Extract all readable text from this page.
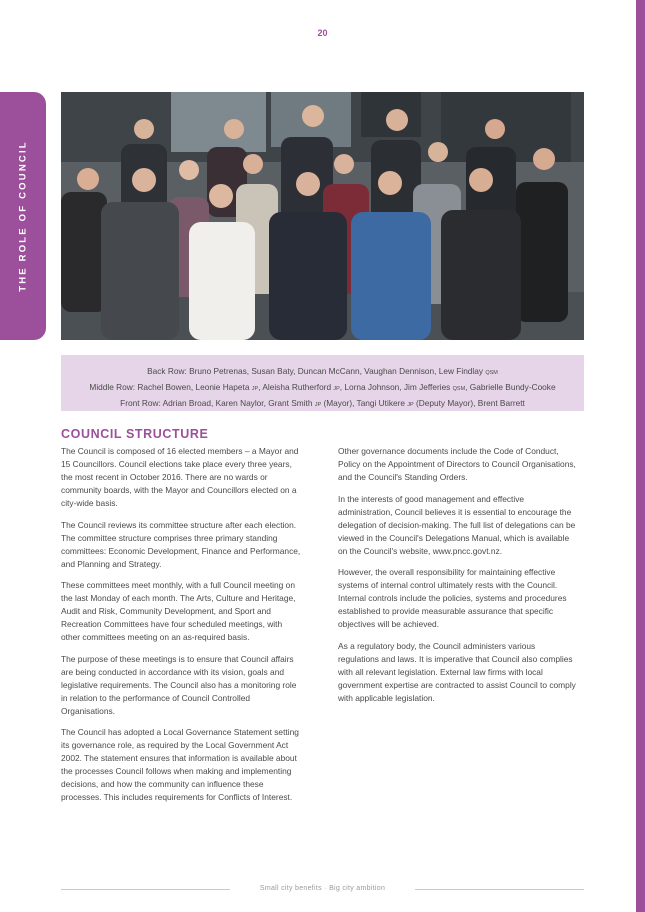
20
THE ROLE OF COUNCIL
Back Row: Bruno Petrenas, Susan Baty, Duncan McCann, Vaughan Dennison, Lew Findlay QSM
Middle Row: Rachel Bowen, Leonie Hapeta JP, Aleisha Rutherford JP, Lorna Johnson, Jim Jefferies QSM, Gabrielle Bundy-Cooke
Front Row: Adrian Broad, Karen Naylor, Grant Smith JP (Mayor), Tangi Utikere JP (Deputy Mayor), Brent Barrett
COUNCIL STRUCTURE

The Council is composed of 16 elected members – a Mayor and 15 Councillors. Council elections take place every three years, the most recent in October 2016. There are no wards or community boards, with the Mayor and Councillors elected on a city-wide basis.

The Council reviews its committee structure after each election. The committee structure comprises three primary standing committees: Economic Development, Finance and Performance, and Planning and Strategy.

These committees meet monthly, with a full Council meeting on the last Monday of each month. The Arts, Culture and Heritage, Audit and Risk, Community Development, and Sport and Recreation Committees have four scheduled meetings, with other committees meeting on an as-required basis.

The purpose of these meetings is to ensure that Council affairs are being conducted in accordance with its vision, goals and legislative requirements. The Council also has a monitoring role in relation to the performance of Council Controlled Organisations.

The Council has adopted a Local Governance Statement setting its governance role, as required by the Local Government Act 2002. The statement ensures that information is available about the processes Council follows when making and implementing decisions, and how the community can influence these processes. This includes requirements for Conflicts of Interest.

Other governance documents include the Code of Conduct, Policy on the Appointment of Directors to Council Organisations, and the Council's Standing Orders.

In the interests of good management and effective administration, Council believes it is essential to encourage the delegation of decision-making. The full list of delegations can be viewed in the Council's Delegations Manual, which is available on the Council's website, www.pncc.govt.nz.

However, the overall responsibility for maintaining effective systems of internal control ultimately rests with the Council. Internal controls include the policies, systems and procedures established to provide measurable assurance that specific objectives will be achieved.

As a regulatory body, the Council administers various regulations and laws. It is imperative that Council also complies with all relevant legislation. External law firms with local government expertise are contracted to assist Council to comply with applicable legislation.

Small city benefits · Big city ambition
